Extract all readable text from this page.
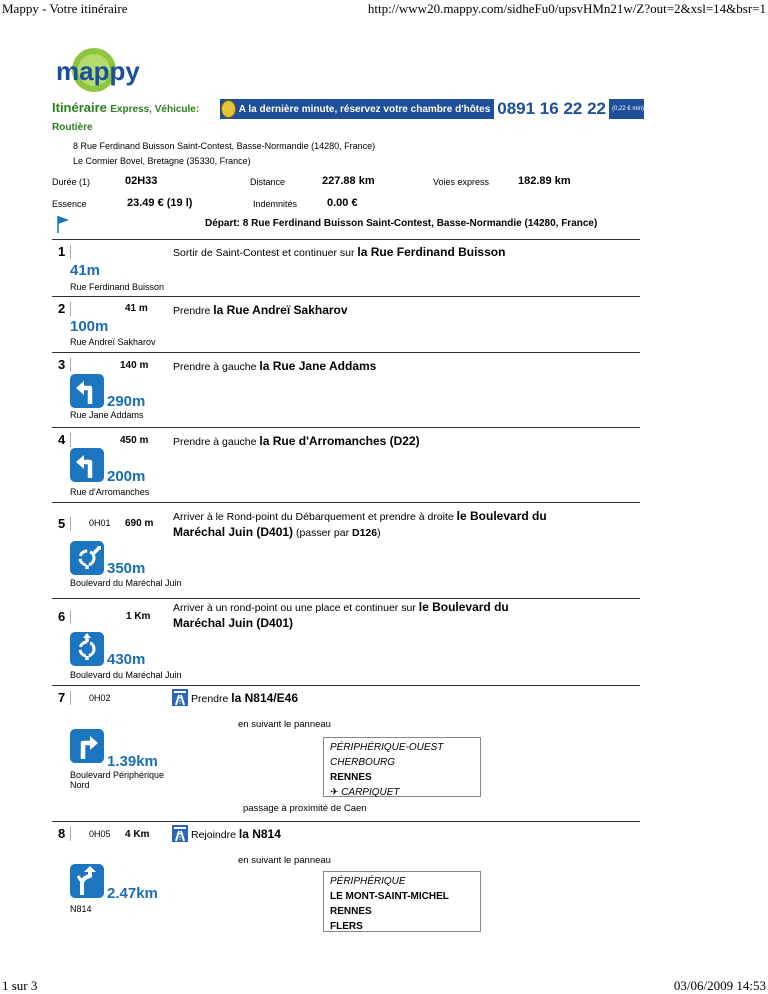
Mappy - Votre itinéraire	http://www20.mappy.com/sidheFu0/upsvHMn21w/Z?out=2&xsl=14&bsr=1
1 sur 3	03/06/2009 14:53
mappy
Itinéraire Express, Véhicule:
Routière
A la dernière minute, réservez votre chambre d'hôtes 0891 16 22 22	(0,22 € min)
8 Rue Ferdinand Buisson Saint-Contest, Basse-Normandie (14280, France)
Le Cormier Bovel, Bretagne (35330, France)
Durée (1)	02H33	Distance	227.88 km	Voies express	182.89 km
Essence	23.49 € (19 l)	Indemnités	0.00 €
Départ: 8 Rue Ferdinand Buisson Saint-Contest, Basse-Normandie (14280, France)
1	Sortir de Saint-Contest et continuer sur la Rue Ferdinand Buisson
41m
Rue Ferdinand Buisson
2	41 m Prendre la Rue Andreï Sakharov
100m
Rue Andreï Sakharov
3	140 m Prendre à gauche la Rue Jane Addams
290m
Rue Jane Addams
4	450 m Prendre à gauche la Rue d'Arromanches (D22)
200m
Rue d'Arromanches
5	0H01 690 m
Arriver à le Rond-point du Débarquement et prendre à droite le Boulevard du Maréchal Juin (D401) (passer par D126)
350m
Boulevard du Maréchal Juin
6	1 Km
Arriver à un rond-point ou une place et continuer sur le Boulevard du Maréchal Juin (D401)
430m
Boulevard du Maréchal Juin
7	0H02	Prendre la N814/E46
en suivant le panneau
PÉRIPHÉRIQUE-OUEST
CHERBOURG
RENNES
✈ CARPIQUET
1.39km
Boulevard Périphérique Nord
passage à proximité de Caen
8	0H05 4 Km	Rejoindre la N814
en suivant le panneau
PÉRIPHÉRIQUE
LE MONT-SAINT-MICHEL
RENNES
FLERS
2.47km
N814
